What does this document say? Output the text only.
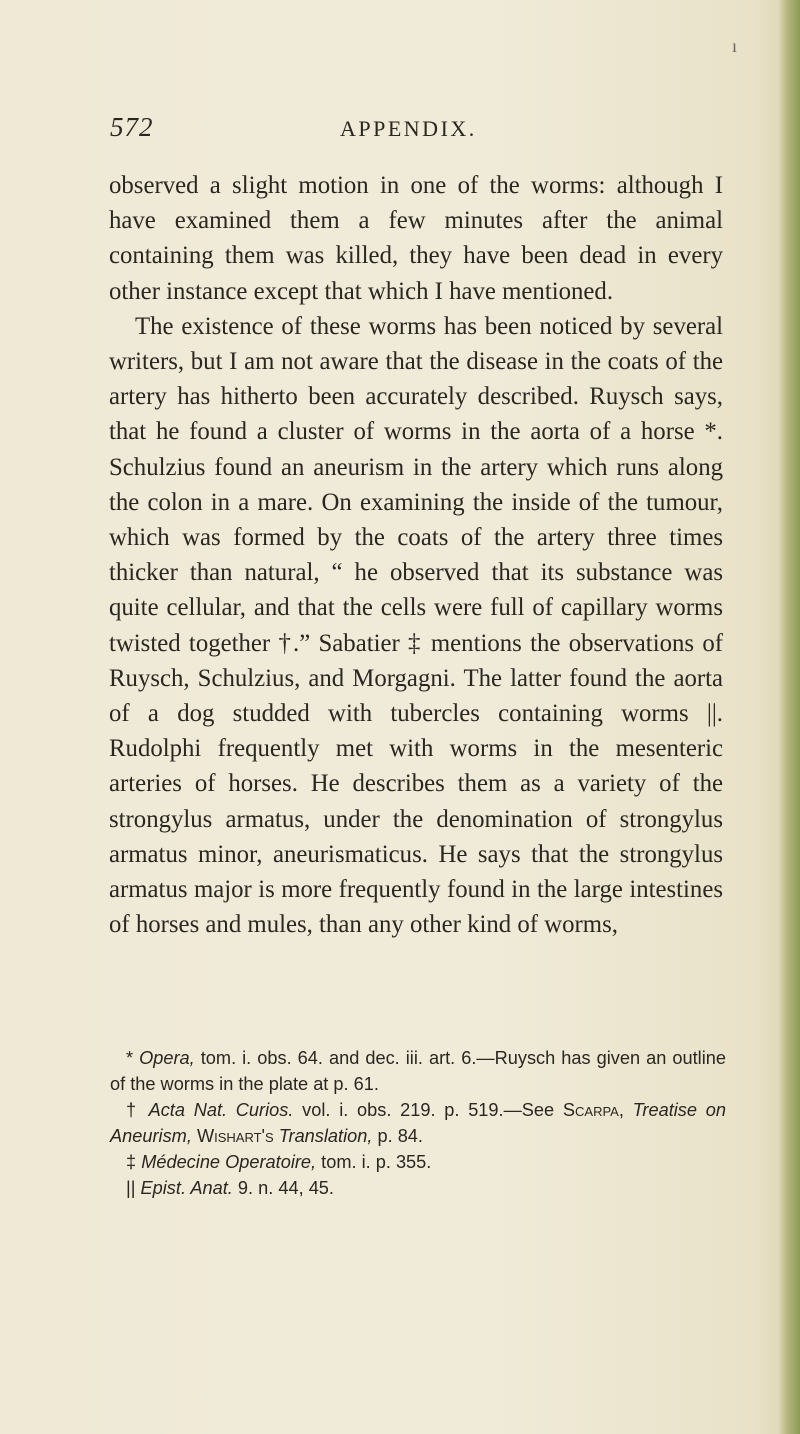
ı
572	APPENDIX.

observed a slight motion in one of the worms: although I have examined them a few minutes after the animal containing them was killed, they have been dead in every other instance except that which I have mentioned.

The existence of these worms has been noticed by several writers, but I am not aware that the disease in the coats of the artery has hitherto been accurately described. Ruysch says, that he found a cluster of worms in the aorta of a horse *. Schulzius found an aneurism in the artery which runs along the colon in a mare. On examining the inside of the tumour, which was formed by the coats of the artery three times thicker than natural, “ he observed that its substance was quite cellular, and that the cells were full of capillary worms twisted together †.” Sabatier ‡ mentions the observations of Ruysch, Schulzius, and Morgagni. The latter found the aorta of a dog studded with tubercles containing worms ||. Rudolphi frequently met with worms in the mesenteric arteries of horses. He describes them as a variety of the strongylus armatus, under the denomination of strongylus armatus minor, aneurismaticus. He says that the strongylus armatus major is more frequently found in the large intestines of horses and mules, than any other kind of worms,

* Opera, tom. i. obs. 64. and dec. iii. art. 6.—Ruysch has given an outline of the worms in the plate at p. 61.

† Acta Nat. Curios. vol. i. obs. 219. p. 519.—See Scarpa, Treatise on Aneurism, Wishart's Translation, p. 84.

‡ Médecine Operatoire, tom. i. p. 355.

|| Epist. Anat. 9. n. 44, 45.
